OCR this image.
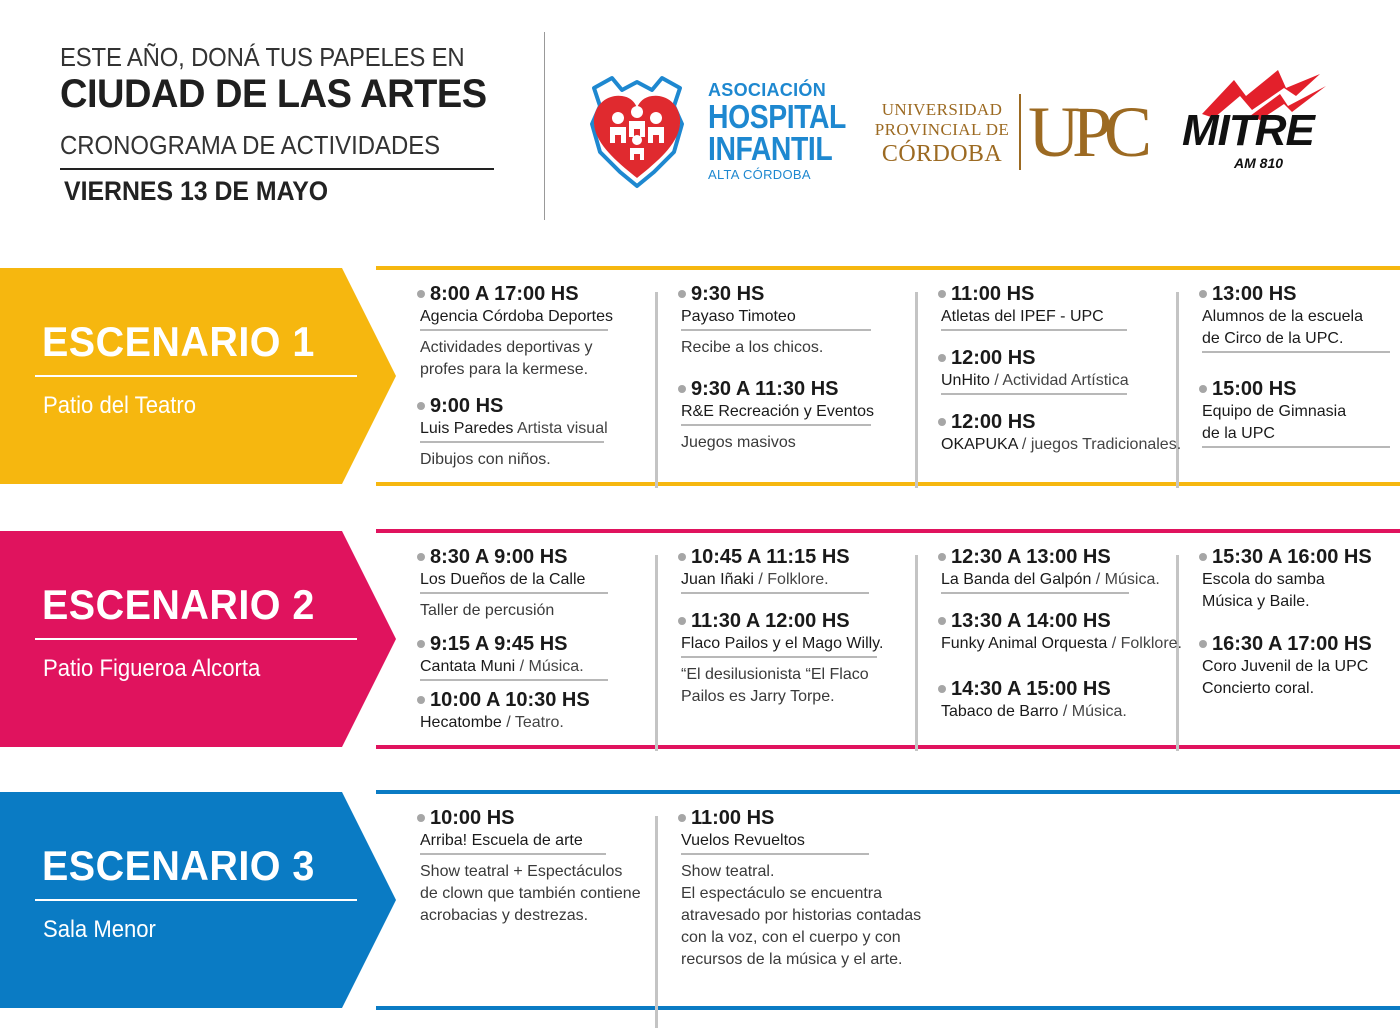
ESTE AÑO, DONÁ TUS PAPELES EN
CIUDAD DE LAS ARTES
CRONOGRAMA DE ACTIVIDADES
VIERNES 13 DE MAYO
ASOCIACIÓN
HOSPITAL
INFANTIL
ALTA CÓRDOBA
UNIVERSIDAD
PROVINCIAL DE
CÓRDOBA UPC MITRE
AM 810
ESCENARIO 1
Patio del Teatro
8:00 A 17:00 HS
Agencia Córdoba Deportes
Actividades deportivas y
profes para la kermese.
9:00 HS
Luis Paredes Artista visual
Dibujos con niños.
9:30 HS
Payaso Timoteo
Recibe a los chicos.
9:30 A 11:30 HS
R&E Recreación y Eventos
Juegos masivos
11:00 HS
Atletas del IPEF - UPC
12:00 HS
UnHito / Actividad Artística
12:00 HS
OKAPUKA / juegos Tradicionales.
13:00 HS
Alumnos de la escuela
de Circo de la UPC.
15:00 HS
Equipo de Gimnasia
de la UPC
ESCENARIO 2
Patio Figueroa Alcorta
8:30 A 9:00 HS
Los Dueños de la Calle
Taller de percusión
9:15 A 9:45 HS
Cantata Muni / Música.
10:00 A 10:30 HS
Hecatombe / Teatro.
10:45 A 11:15 HS
Juan Iñaki / Folklore.
11:30 A 12:00 HS
Flaco Pailos y el Mago Willy.
“El desilusionista “El Flaco
Pailos es Jarry Torpe.
12:30 A 13:00 HS
La Banda del Galpón / Música.
13:30 A 14:00 HS
Funky Animal Orquesta / Folklore.
14:30 A 15:00 HS
Tabaco de Barro / Música.
15:30 A 16:00 HS
Escola do samba
Música y Baile.
16:30 A 17:00 HS
Coro Juvenil de la UPC
Concierto coral.
ESCENARIO 3
Sala Menor
10:00 HS
Arriba! Escuela de arte
Show teatral + Espectáculos
de clown que también contiene
acrobacias y destrezas.
11:00 HS
Vuelos Revueltos
Show teatral.
El espectáculo se encuentra
atravesado por historias contadas
con la voz, con el cuerpo y con
recursos de la música y el arte.
